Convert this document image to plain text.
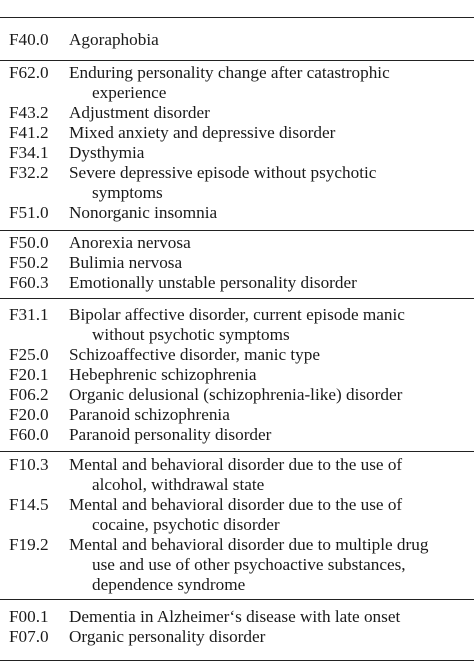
F40.0 Agoraphobia
F62.0 Enduring personality change after catastrophic
experience
F43.2 Adjustment disorder
F41.2 Mixed anxiety and depressive disorder
F34.1 Dysthymia
F32.2 Severe depressive episode without psychotic
symptoms
F51.0 Nonorganic insomnia
F50.0 Anorexia nervosa
F50.2 Bulimia nervosa
F60.3 Emotionally unstable personality disorder
F31.1 Bipolar affective disorder, current episode manic
without psychotic symptoms
F25.0 Schizoaffective disorder, manic type
F20.1 Hebephrenic schizophrenia
F06.2 Organic delusional (schizophrenia-like) disorder
F20.0 Paranoid schizophrenia
F60.0 Paranoid personality disorder
F10.3 Mental and behavioral disorder due to the use of
alcohol, withdrawal state
F14.5 Mental and behavioral disorder due to the use of
cocaine, psychotic disorder
F19.2 Mental and behavioral disorder due to multiple drug
use and use of other psychoactive substances,
dependence syndrome
F00.1 Dementia in Alzheimer‘s disease with late onset
F07.0 Organic personality disorder
